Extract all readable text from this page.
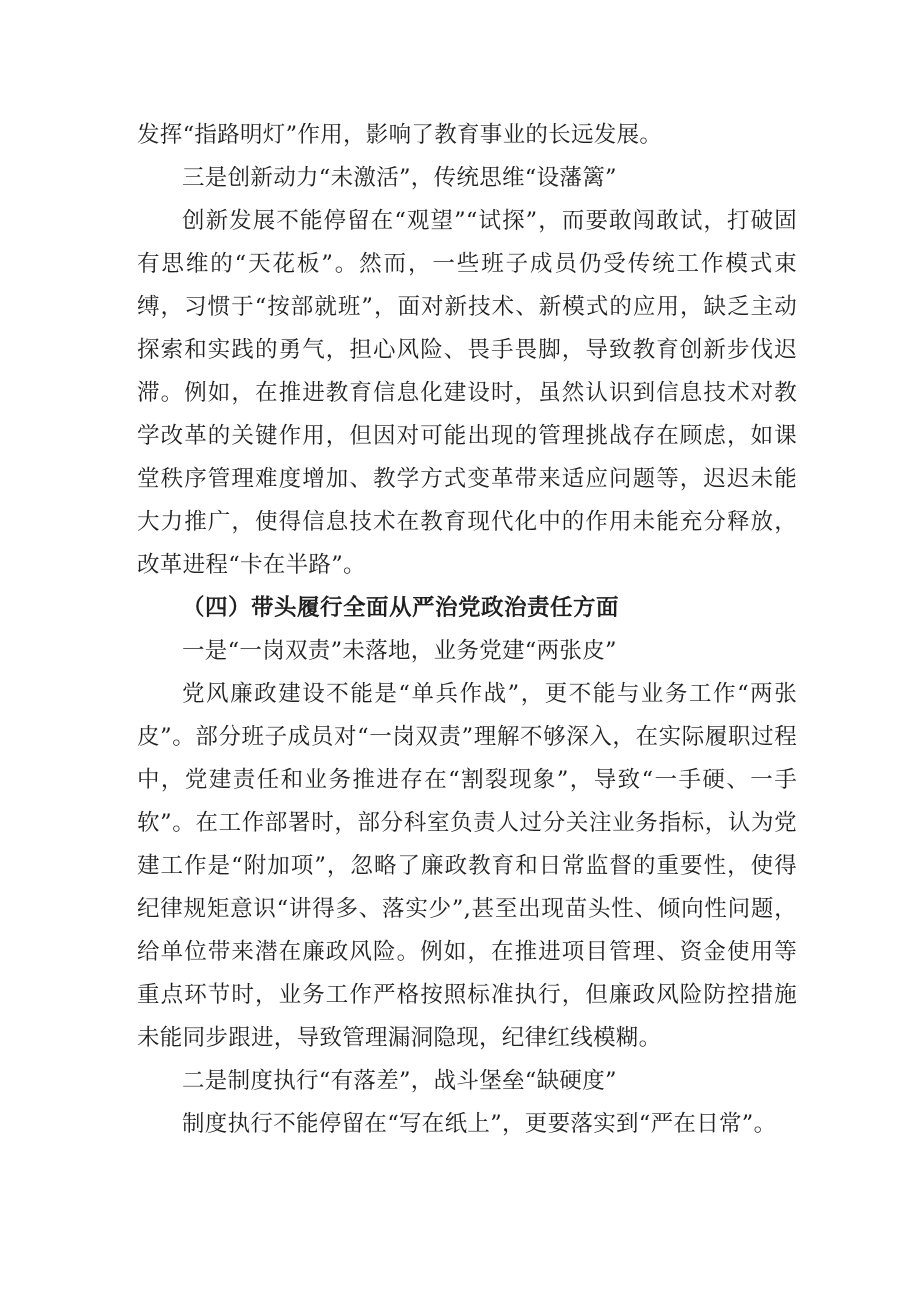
发挥“指路明灯”作用，影响了教育事业的长远发展。

三是创新动力“未激活”，传统思维“设藩篱”

创新发展不能停留在“观望”“试探”，而要敢闯敢试，打破固有思维的“天花板”。然而，一些班子成员仍受传统工作模式束缚，习惯于“按部就班”，面对新技术、新模式的应用，缺乏主动探索和实践的勇气，担心风险、畏手畏脚，导致教育创新步伐迟滞。例如，在推进教育信息化建设时，虽然认识到信息技术对教学改革的关键作用，但因对可能出现的管理挑战存在顾虑，如课堂秩序管理难度增加、教学方式变革带来适应问题等，迟迟未能大力推广，使得信息技术在教育现代化中的作用未能充分释放，改革进程“卡在半路”。

（四）带头履行全面从严治党政治责任方面

一是“一岗双责”未落地，业务党建“两张皮”

党风廉政建设不能是“单兵作战”，更不能与业务工作“两张皮”。部分班子成员对“一岗双责”理解不够深入，在实际履职过程中，党建责任和业务推进存在“割裂现象”，导致“一手硬、一手软”。在工作部署时，部分科室负责人过分关注业务指标，认为党建工作是“附加项”，忽略了廉政教育和日常监督的重要性，使得纪律规矩意识“讲得多、落实少”,甚至出现苗头性、倾向性问题，给单位带来潜在廉政风险。例如，在推进项目管理、资金使用等重点环节时，业务工作严格按照标准执行，但廉政风险防控措施未能同步跟进，导致管理漏洞隐现，纪律红线模糊。

二是制度执行“有落差”，战斗堡垒“缺硬度”

制度执行不能停留在“写在纸上”，更要落实到“严在日常”。
